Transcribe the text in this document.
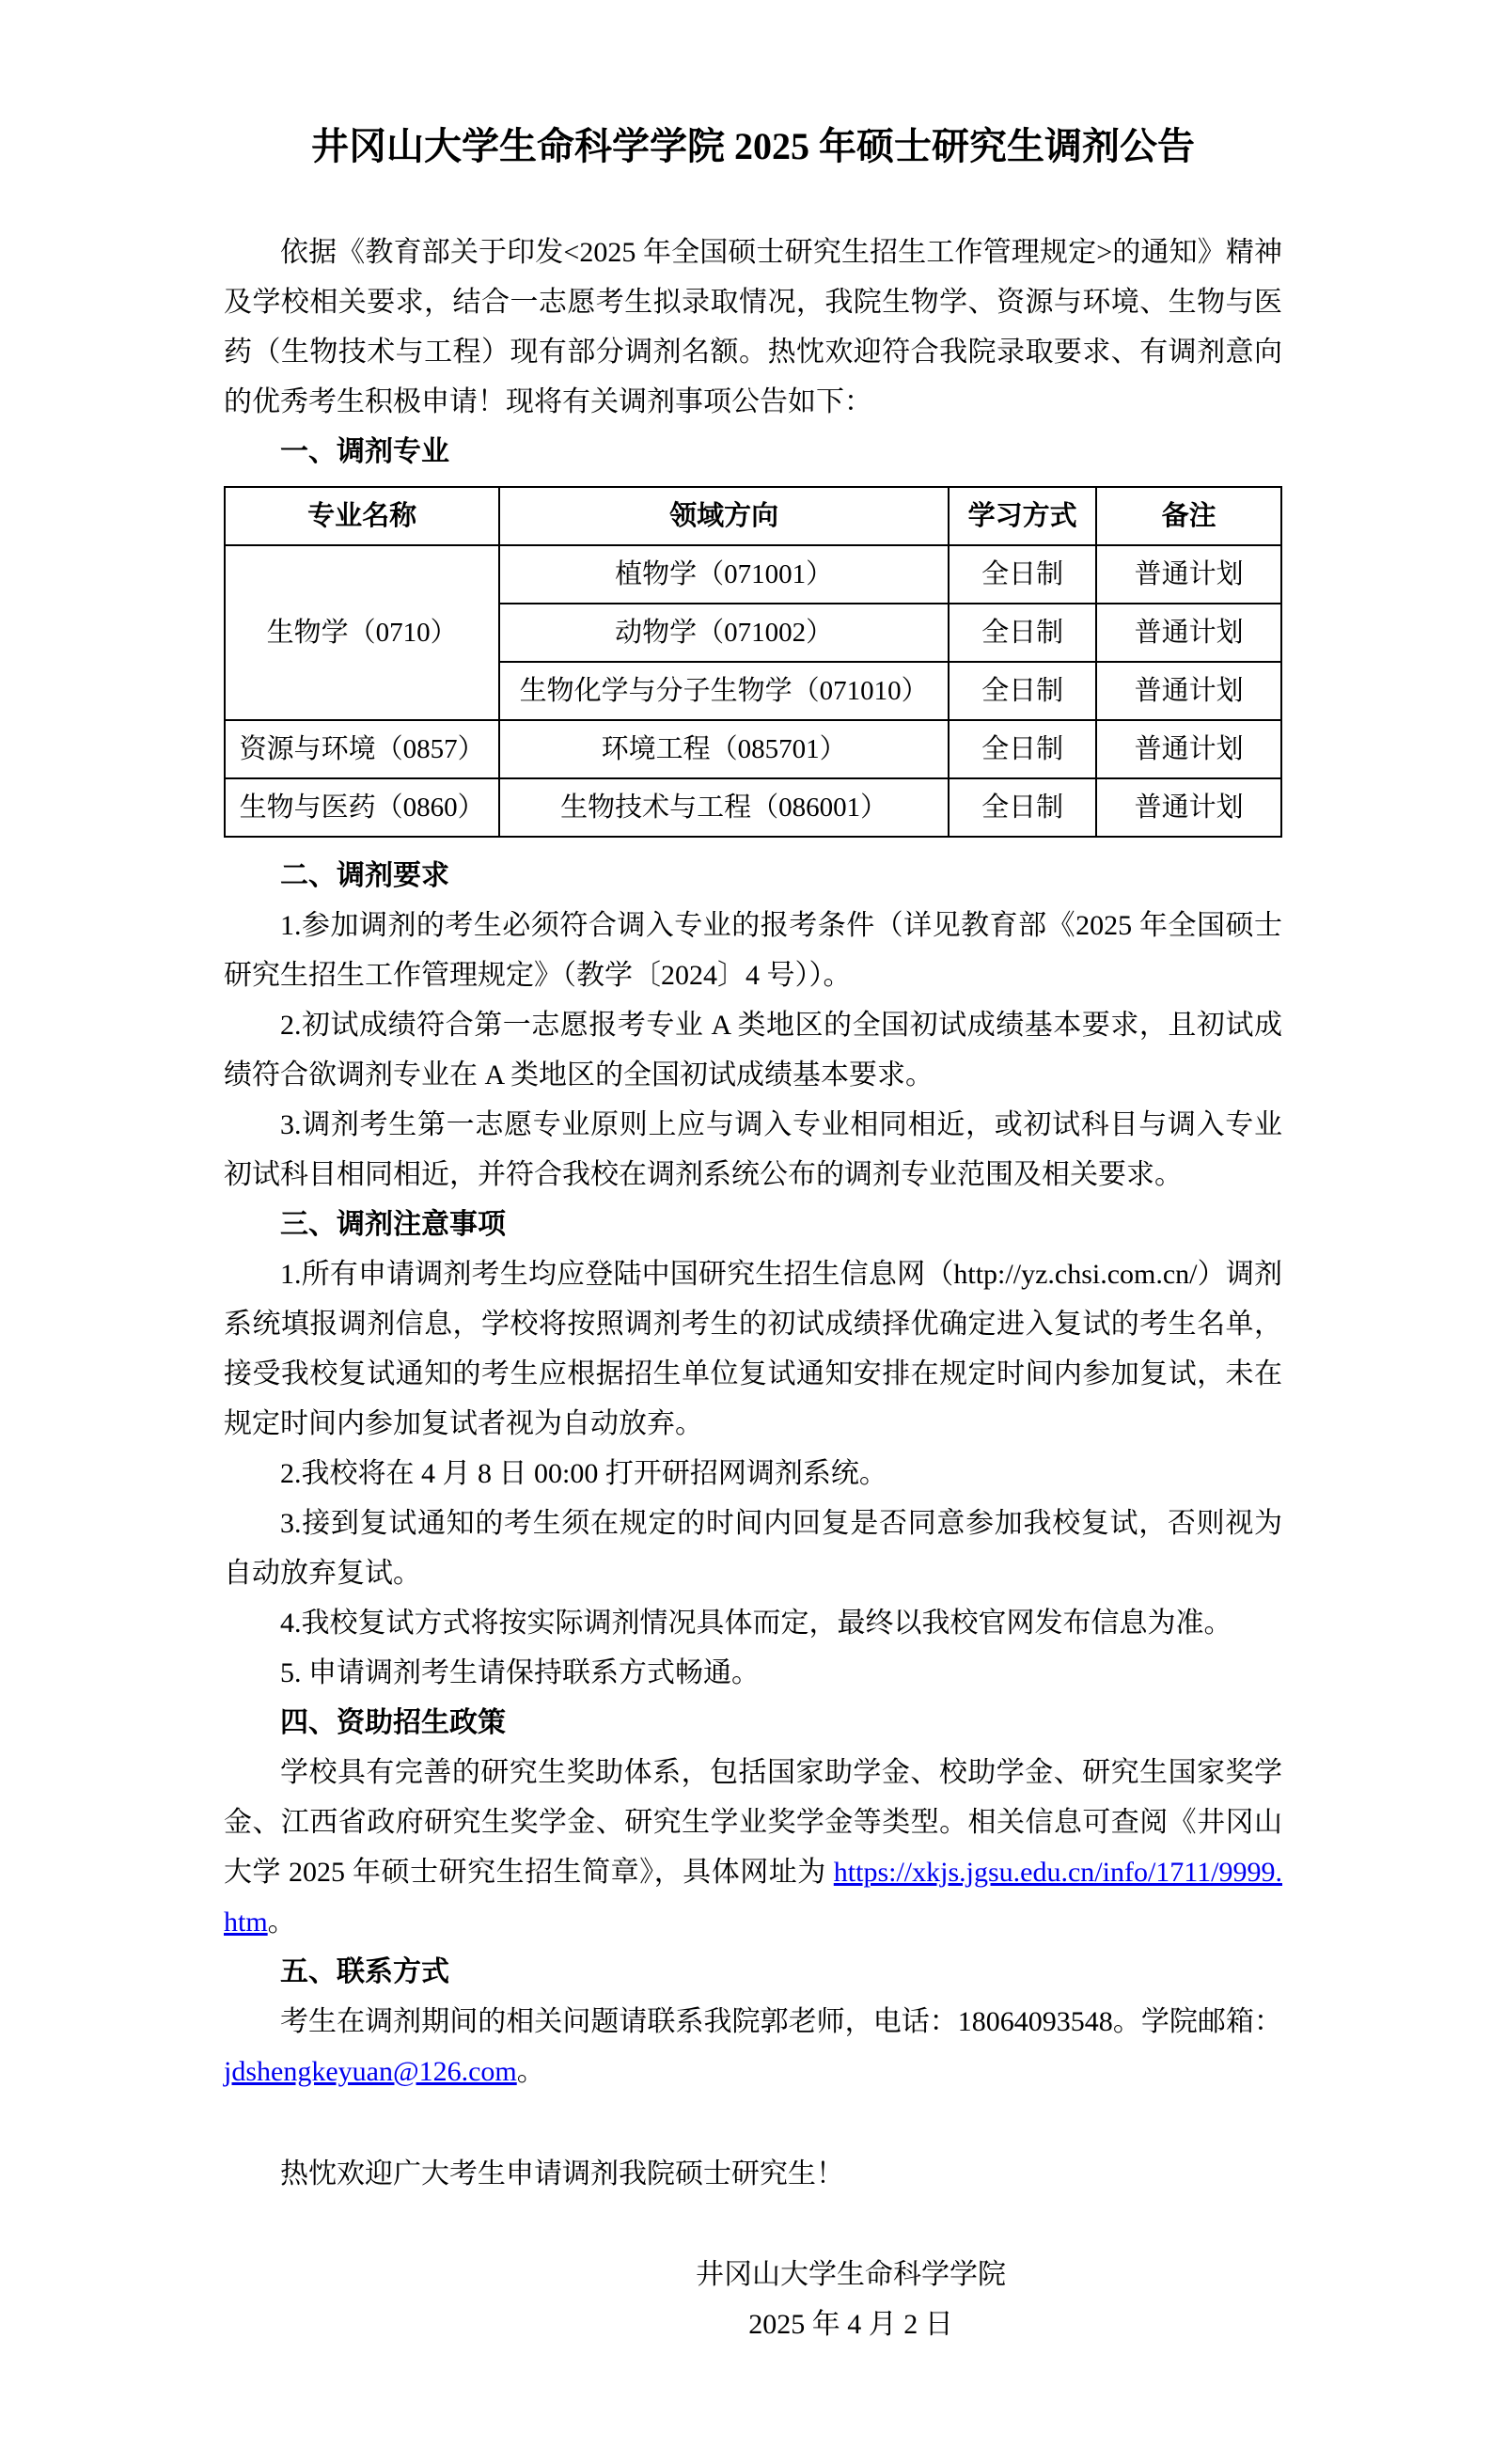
井冈山大学生命科学学院 2025 年硕士研究生调剂公告

依据《教育部关于印发<2025 年全国硕士研究生招生工作管理规定>的通知》精神及学校相关要求，结合一志愿考生拟录取情况，我院生物学、资源与环境、生物与医药（生物技术与工程）现有部分调剂名额。热忱欢迎符合我院录取要求、有调剂意向的优秀考生积极申请！现将有关调剂事项公告如下：

一、调剂专业

专业名称	领域方向	学习方式	备注
生物学（0710）	植物学（071001）	全日制	普通计划
	动物学（071002）	全日制	普通计划
	生物化学与分子生物学（071010）	全日制	普通计划
资源与环境（0857）	环境工程（085701）	全日制	普通计划
生物与医药（0860）	生物技术与工程（086001）	全日制	普通计划

二、调剂要求

1.参加调剂的考生必须符合调入专业的报考条件（详见教育部《2025 年全国硕士研究生招生工作管理规定》（教学〔2024〕4 号））。

2.初试成绩符合第一志愿报考专业 A 类地区的全国初试成绩基本要求，且初试成绩符合欲调剂专业在 A 类地区的全国初试成绩基本要求。

3.调剂考生第一志愿专业原则上应与调入专业相同相近，或初试科目与调入专业初试科目相同相近，并符合我校在调剂系统公布的调剂专业范围及相关要求。

三、调剂注意事项

1.所有申请调剂考生均应登陆中国研究生招生信息网（http://yz.chsi.com.cn/）调剂系统填报调剂信息，学校将按照调剂考生的初试成绩择优确定进入复试的考生名单，接受我校复试通知的考生应根据招生单位复试通知安排在规定时间内参加复试，未在规定时间内参加复试者视为自动放弃。

2.我校将在 4 月 8 日 00:00 打开研招网调剂系统。

3.接到复试通知的考生须在规定的时间内回复是否同意参加我校复试，否则视为自动放弃复试。

4.我校复试方式将按实际调剂情况具体而定，最终以我校官网发布信息为准。

5. 申请调剂考生请保持联系方式畅通。

四、资助招生政策

学校具有完善的研究生奖助体系，包括国家助学金、校助学金、研究生国家奖学金、江西省政府研究生奖学金、研究生学业奖学金等类型。相关信息可查阅《井冈山大学 2025 年硕士研究生招生简章》，具体网址为 https://xkjs.jgsu.edu.cn/info/1711/9999.htm。

五、联系方式

考生在调剂期间的相关问题请联系我院郭老师，电话：18064093548。学院邮箱：jdshengkeyuan@126.com。

热忱欢迎广大考生申请调剂我院硕士研究生！

井冈山大学生命科学学院
2025 年 4 月 2 日
